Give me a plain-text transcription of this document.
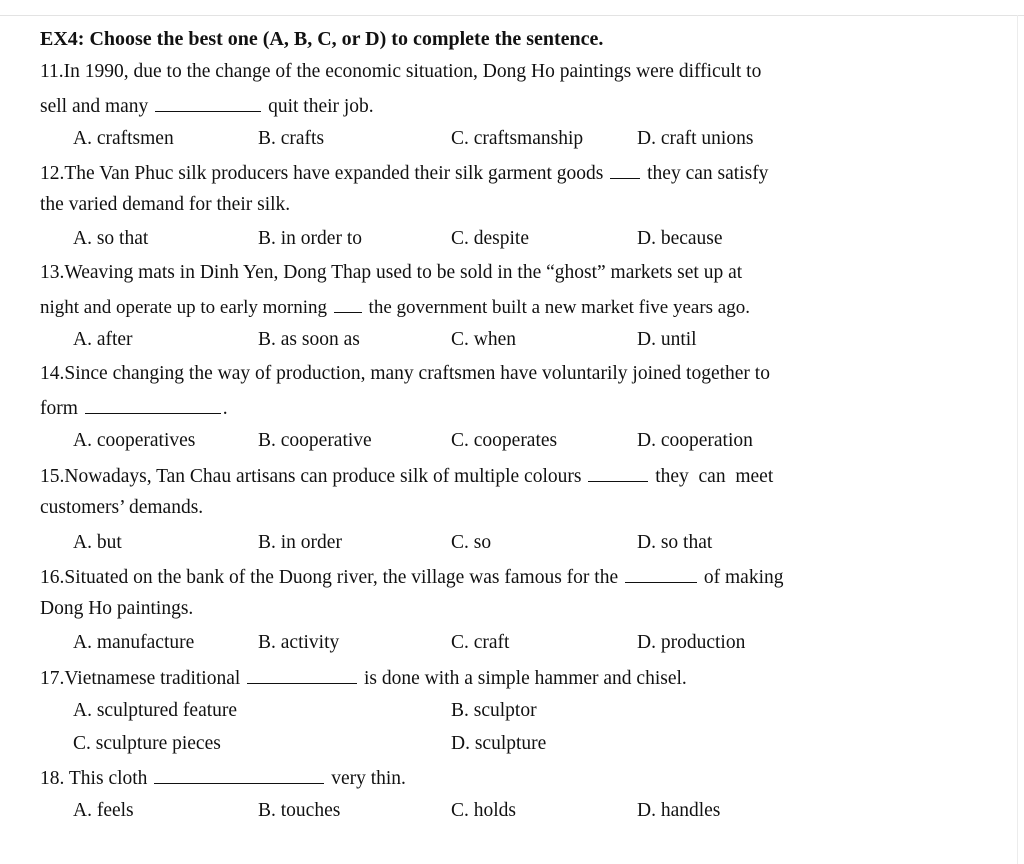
EX4: Choose the best one (A, B, C, or D) to complete the sentence.
11.In 1990, due to the change of the economic situation, Dong Ho paintings were difficult to
sell and many	quit their job.
A. craftsmen	B. crafts	C. craftsmanship	D. craft unions
12.The Van Phuc silk producers have expanded their silk garment goods they can satisfy
the varied demand for their silk.
A. so that	B. in order to	C. despite	D. because
13.Weaving mats in Dinh Yen, Dong Thap used to be sold in the “ghost” markets set up at
night and operate up to early morning the government built a new market five years ago.
A. after	B. as soon as	C. when	D. until
14.Since changing the way of production, many craftsmen have voluntarily joined together to
form	.
A. cooperatives	B. cooperative	C. cooperates	D. cooperation
15.Nowadays, Tan Chau artisans can produce silk of multiple colours	they  can  meet
customers’ demands.
A. but	B. in order	C. so	D. so that
16.Situated on the bank of the Duong river, the village was famous for the	of making
Dong Ho paintings.
A. manufacture	B. activity	C. craft	D. production
17.Vietnamese traditional	is done with a simple hammer and chisel.
A. sculptured feature	B. sculptor
C. sculpture pieces	D. sculpture
18. This cloth	very thin.
A. feels	B. touches	C. holds	D. handles
